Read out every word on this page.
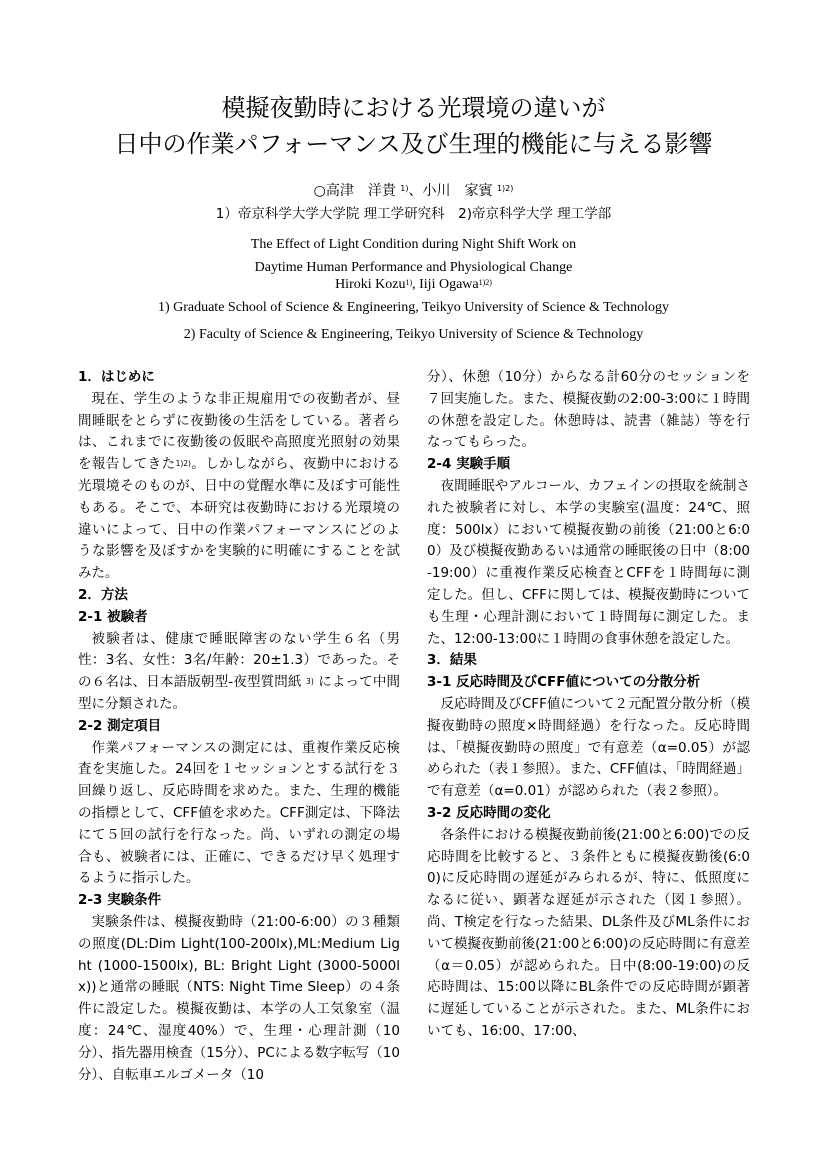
模擬夜勤時における光環境の違いが
日中の作業パフォーマンス及び生理的機能に与える影響
○高津　洋貴 $^{1)}$、小川　家賓 $^{1)2)}$
1）帝京科学大学大学院 理工学研究科　2)帝京科学大学 理工学部
The Effect of Light Condition during Night Shift Work on
Daytime Human Performance and Physiological Change
Hiroki Kozu$^{1)}$, Iiji Ogawa$^{1)2)}$
1) Graduate School of Science & Engineering, Teikyo University of Science & Technology
2) Faculty of Science & Engineering, Teikyo University of Science & Technology
1．はじめに
現在、学生のような非正規雇用での夜勤者が、昼間睡眠をとらずに夜勤後の生活をしている。著者らは、これまでに夜勤後の仮眠や高照度光照射の効果を報告してきた$^{1)2)}$。しかしながら、夜勤中における光環境そのものが、日中の覚醒水準に及ぼす可能性もある。そこで、本研究は夜勤時における光環境の違いによって、日中の作業パフォーマンスにどのような影響を及ぼすかを実験的に明確にすることを試みた。
2．方法
2-1 被験者
被験者は、健康で睡眠障害のない学生６名（男性：3名、女性：3名/年齢：20±1.3）であった。その６名は、日本語版朝型-夜型質問紙 $^{3)}$ によって中間型に分類された。
2-2 測定項目
作業パフォーマンスの測定には、重複作業反応検査を実施した。24回を１セッションとする試行を３回繰り返し、反応時間を求めた。また、生理的機能の指標として、CFF値を求めた。CFF測定は、下降法にて５回の試行を行なった。尚、いずれの測定の場合も、被験者には、正確に、できるだけ早く処理するように指示した。
2-3 実験条件
実験条件は、模擬夜勤時（21:00-6:00）の３種類の照度(DL:Dim Light(100-200lx),ML:Medium Light (1000-1500lx), BL: Bright Light (3000-5000lx))と通常の睡眠（NTS: Night Time Sleep）の４条件に設定した。模擬夜勤は、本学の人工気象室（温度：24℃、湿度40%）で、生理・心理計測（10分）、指先器用検査（15分）、PCによる数字転写（10分）、自転車エルゴメータ（10
分）、休憩（10分）からなる計60分のセッションを７回実施した。また、模擬夜勤の2:00-3:00に１時間の休憩を設定した。休憩時は、読書（雑誌）等を行なってもらった。
2-4 実験手順
夜間睡眠やアルコール、カフェインの摂取を統制された被験者に対し、本学の実験室(温度：24℃、照度：500lx）において模擬夜勤の前後（21:00と6:00）及び模擬夜勤あるいは通常の睡眠後の日中（8:00-19:00）に重複作業反応検査とCFFを１時間毎に測定した。但し、CFFに関しては、模擬夜勤時についても生理・心理計測において１時間毎に測定した。また、12:00-13:00に１時間の食事休憩を設定した。
3．結果
3-1 反応時間及びCFF値についての分散分析
反応時間及びCFF値について２元配置分散分析（模擬夜勤時の照度×時間経過）を行なった。反応時間は、「模擬夜勤時の照度」で有意差（α=0.05）が認められた（表１参照）。また、CFF値は、「時間経過」で有意差（α=0.01）が認められた（表２参照）。
3-2 反応時間の変化
各条件における模擬夜勤前後(21:00と6:00)での反応時間を比較すると、３条件ともに模擬夜勤後(6:00)に反応時間の遅延がみられるが、特に、低照度になるに従い、顕著な遅延が示された（図１参照）。尚、T検定を行なった結果、DL条件及びML条件において模擬夜勤前後(21:00と6:00)の反応時間に有意差（α＝0.05）が認められた。日中(8:00-19:00)の反応時間は、15:00以降にBL条件での反応時間が顕著に遅延していることが示された。また、ML条件においても、16:00、17:00、
